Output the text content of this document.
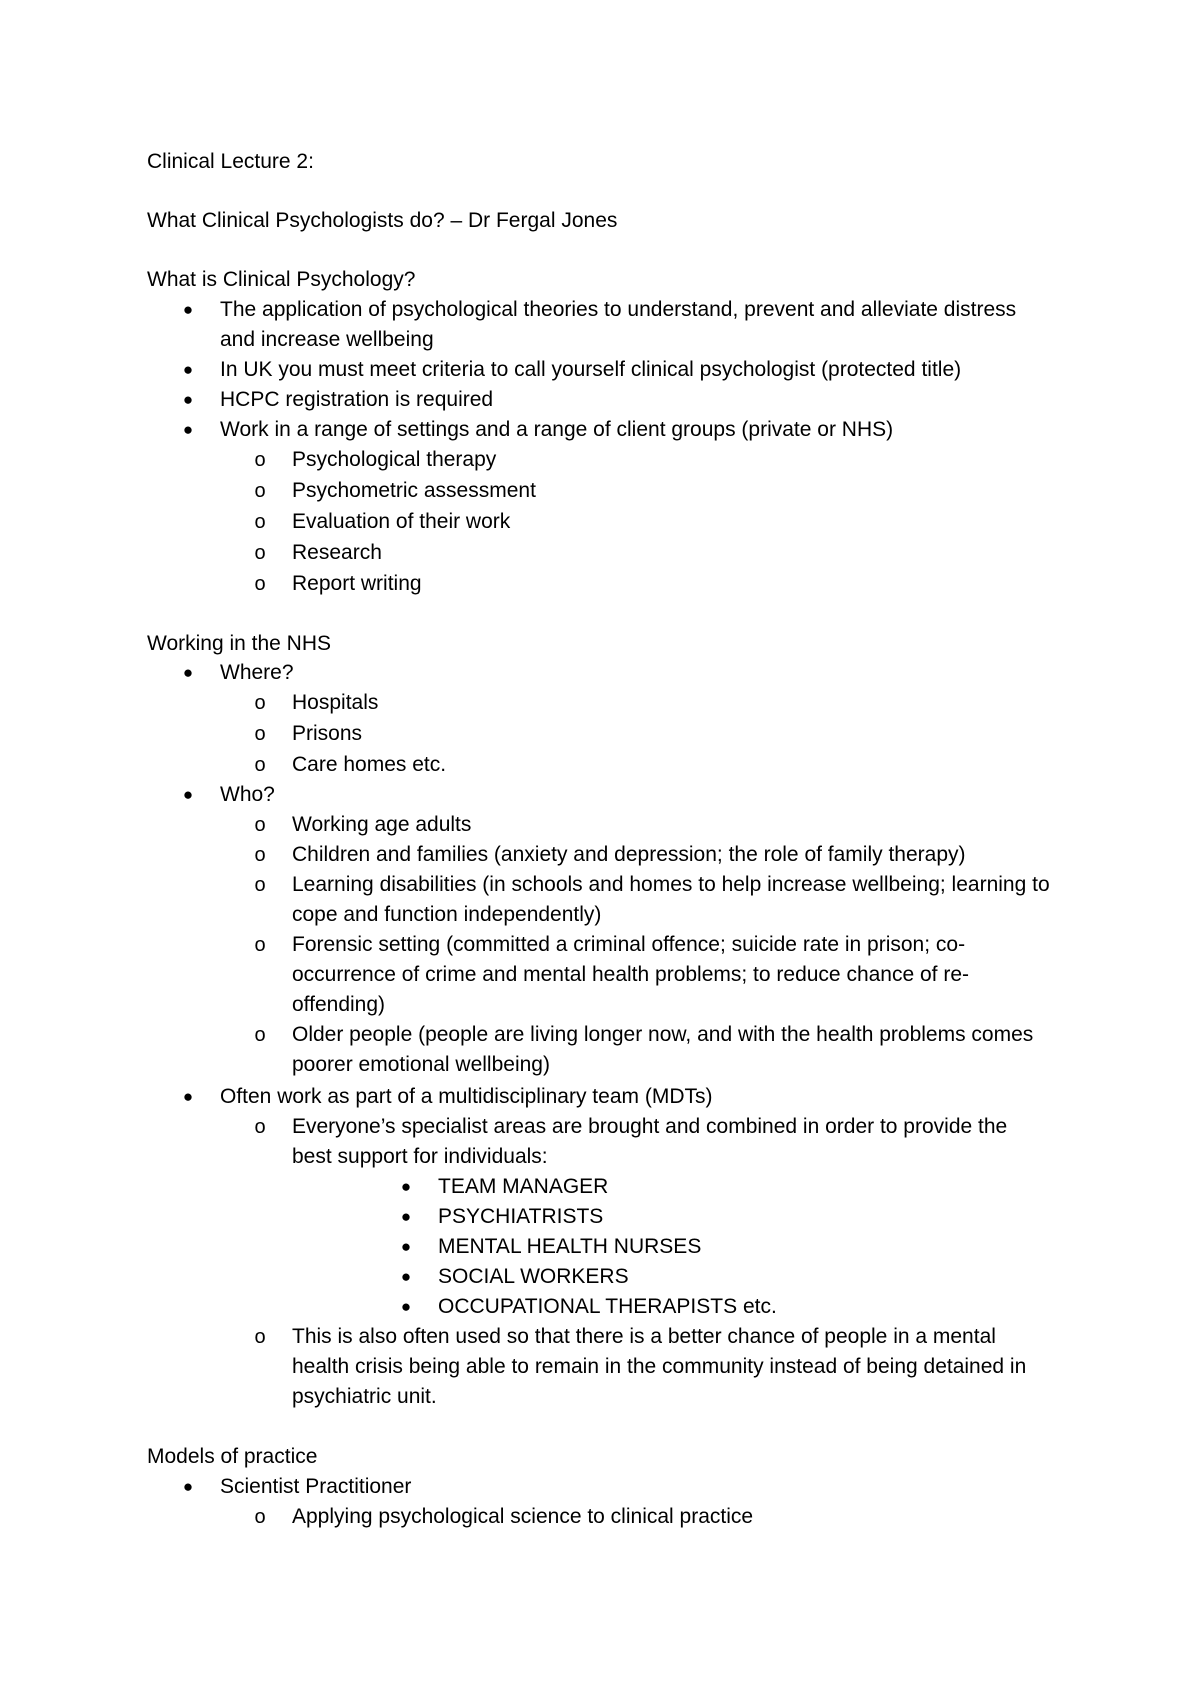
Clinical Lecture 2:
What Clinical Psychologists do? – Dr Fergal Jones
What is Clinical Psychology?
● The application of psychological theories to understand, prevent and alleviate distress and increase wellbeing
● In UK you must meet criteria to call yourself clinical psychologist (protected title)
● HCPC registration is required
● Work in a range of settings and a range of client groups (private or NHS)
o Psychological therapy
o Psychometric assessment
o Evaluation of their work
o Research
o Report writing
Working in the NHS
● Where?
o Hospitals
o Prisons
o Care homes etc.
● Who?
o Working age adults
o Children and families (anxiety and depression; the role of family therapy)
o Learning disabilities (in schools and homes to help increase wellbeing; learning to cope and function independently)
o Forensic setting (committed a criminal offence; suicide rate in prison; co-occurrence of crime and mental health problems; to reduce chance of re-offending)
o Older people (people are living longer now, and with the health problems comes poorer emotional wellbeing)
● Often work as part of a multidisciplinary team (MDTs)
o Everyone’s specialist areas are brought and combined in order to provide the best support for individuals:
● TEAM MANAGER
● PSYCHIATRISTS
● MENTAL HEALTH NURSES
● SOCIAL WORKERS
● OCCUPATIONAL THERAPISTS etc.
o This is also often used so that there is a better chance of people in a mental health crisis being able to remain in the community instead of being detained in psychiatric unit.
Models of practice
● Scientist Practitioner
o Applying psychological science to clinical practice
